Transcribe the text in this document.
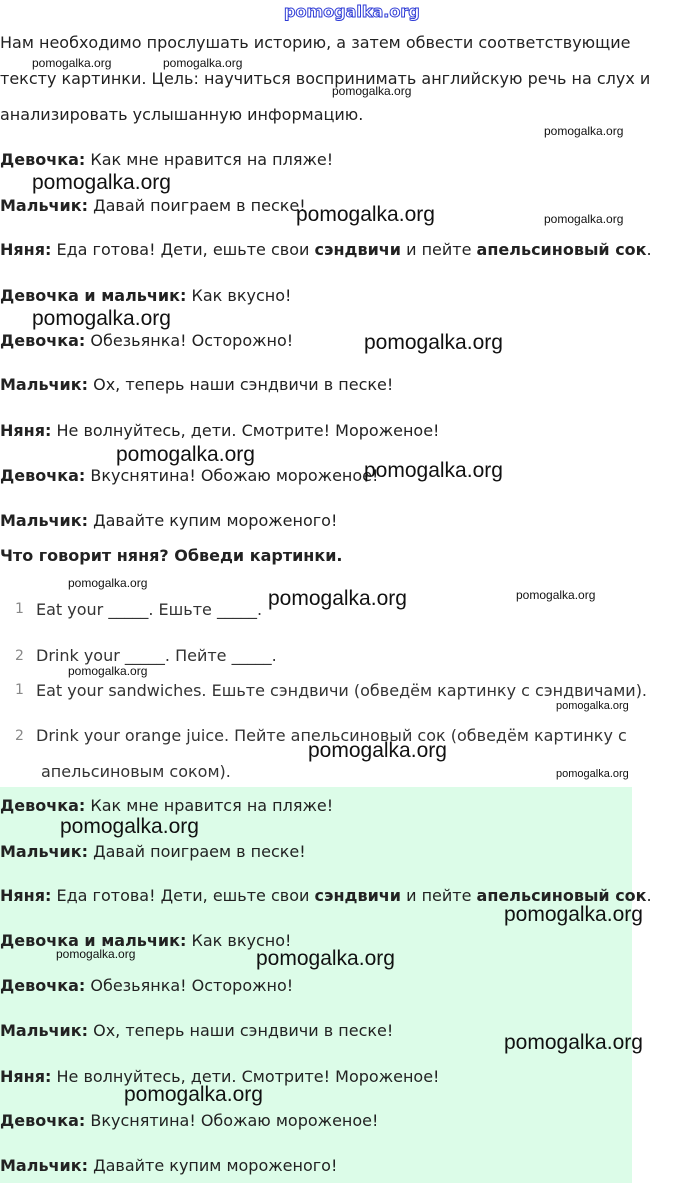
pomogalka.org
Нам необходимо прослушать историю, а затем обвести соответствующие
тексту картинки. Цель: научиться воспринимать английскую речь на слух и
анализировать услышанную информацию.
Девочка: Как мне нравится на пляже!
Мальчик: Давай поиграем в песке!
Няня: Еда готова! Дети, ешьте свои сэндвичи и пейте апельсиновый сок.
Девочка и мальчик: Как вкусно!
Девочка: Обезьянка! Осторожно!
Мальчик: Ох, теперь наши сэндвичи в песке!
Няня: Не волнуйтесь, дети. Смотрите! Мороженое!
Девочка: Вкуснятина! Обожаю мороженое!
Мальчик: Давайте купим мороженого!
Что говорит няня? Обведи картинки.
1 Eat your _____. Ешьте _____.
2 Drink your _____. Пейте _____.
1 Eat your sandwiches. Ешьте сэндвичи (обведём картинку с сэндвичами).
2 Drink your orange juice. Пейте апельсиновый сок (обведём картинку с
апельсиновым соком).
Девочка: Как мне нравится на пляже!
Мальчик: Давай поиграем в песке!
Няня: Еда готова! Дети, ешьте свои сэндвичи и пейте апельсиновый сок.
Девочка и мальчик: Как вкусно!
Девочка: Обезьянка! Осторожно!
Мальчик: Ох, теперь наши сэндвичи в песке!
Няня: Не волнуйтесь, дети. Смотрите! Мороженое!
Девочка: Вкуснятина! Обожаю мороженое!
Мальчик: Давайте купим мороженого!
pomogalka.org	pomogalka.org
pomogalka.org
pomogalka.org
pomogalka.org
pomogalka.org	pomogalka.org
pomogalka.org
pomogalka.org
pomogalka.org
pomogalka.org
pomogalka.org
pomogalka.org	pomogalka.org
pomogalka.org
pomogalka.org
pomogalka.org
pomogalka.org
pomogalka.org
pomogalka.org
pomogalka.org	pomogalka.org
pomogalka.org
pomogalka.org
